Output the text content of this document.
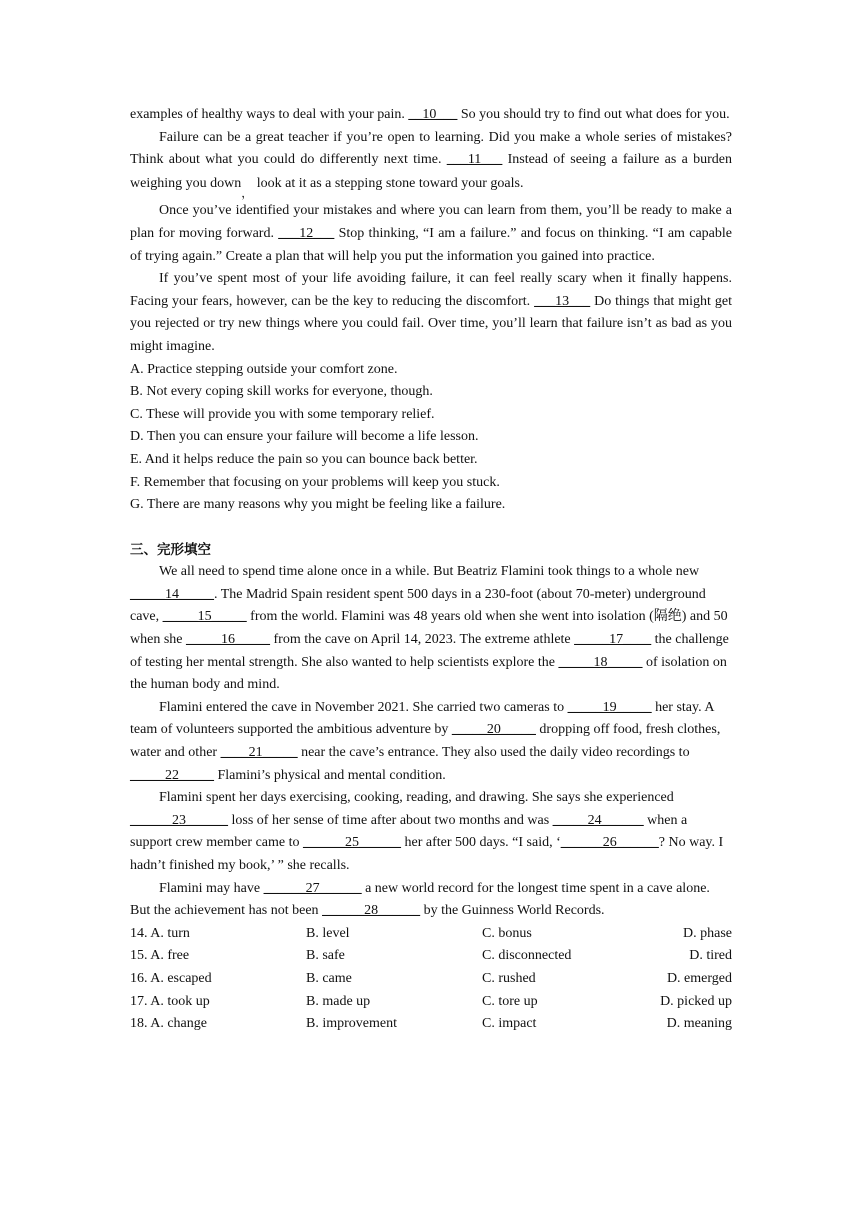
examples of healthy ways to deal with your pain. __10___ So you should try to find out what does for you.

Failure can be a great teacher if you’re open to learning. Did you make a whole series of mistakes? Think about what you could do differently next time. ___11___ Instead of seeing a failure as a burden weighing you down， look at it as a stepping stone toward your goals.

Once you’ve identified your mistakes and where you can learn from them, you’ll be ready to make a plan for moving forward. ___12___ Stop thinking, “I am a failure.” and focus on thinking. “I am capable of trying again.” Create a plan that will help you put the information you gained into practice.

If you’ve spent most of your life avoiding failure, it can feel really scary when it finally happens. Facing your fears, however, can be the key to reducing the discomfort. ___13___ Do things that might get you rejected or try new things where you could fail. Over time, you’ll learn that failure isn’t as bad as you might imagine.

A. Practice stepping outside your comfort zone.

B. Not every coping skill works for everyone, though.

C. These will provide you with some temporary relief.

D. Then you can ensure your failure will become a life lesson.

E. And it helps reduce the pain so you can bounce back better.

F. Remember that focusing on your problems will keep you stuck.

G. There are many reasons why you might be feeling like a failure.

三、完形填空

We all need to spend time alone once in a while. But Beatriz Flamini took things to a whole new _____14_____. The Madrid Spain resident spent 500 days in a 230-foot (about 70-meter) underground cave, _____15_____ from the world. Flamini was 48 years old when she went into isolation (隔绝) and 50 when she _____16_____ from the cave on April 14, 2023. The extreme athlete _____17____ the challenge of testing her mental strength. She also wanted to help scientists explore the _____18_____ of isolation on the human body and mind.

Flamini entered the cave in November 2021. She carried two cameras to _____19_____ her stay. A team of volunteers supported the ambitious adventure by _____20_____ dropping off food, fresh clothes, water and other ____21_____ near the cave’s entrance. They also used the daily video recordings to _____22_____ Flamini’s physical and mental condition.

Flamini spent her days exercising, cooking, reading, and drawing. She says she experienced ______23______ loss of her sense of time after about two months and was _____24______ when a support crew member came to ______25______ her after 500 days. “I said, ‘______26______? No way. I hadn’t finished my book,’ ” she recalls.

Flamini may have ______27______ a new world record for the longest time spent in a cave alone. But the achievement has not been ______28______ by the Guinness World Records.

14. A. turn	B. level	C. bonus	D. phase
15. A. free	B. safe	C. disconnected	D. tired
16. A. escaped	B. came	C. rushed	D. emerged
17. A. took up	B. made up	C. tore up	D. picked up
18. A. change	B. improvement	C. impact	D. meaning
